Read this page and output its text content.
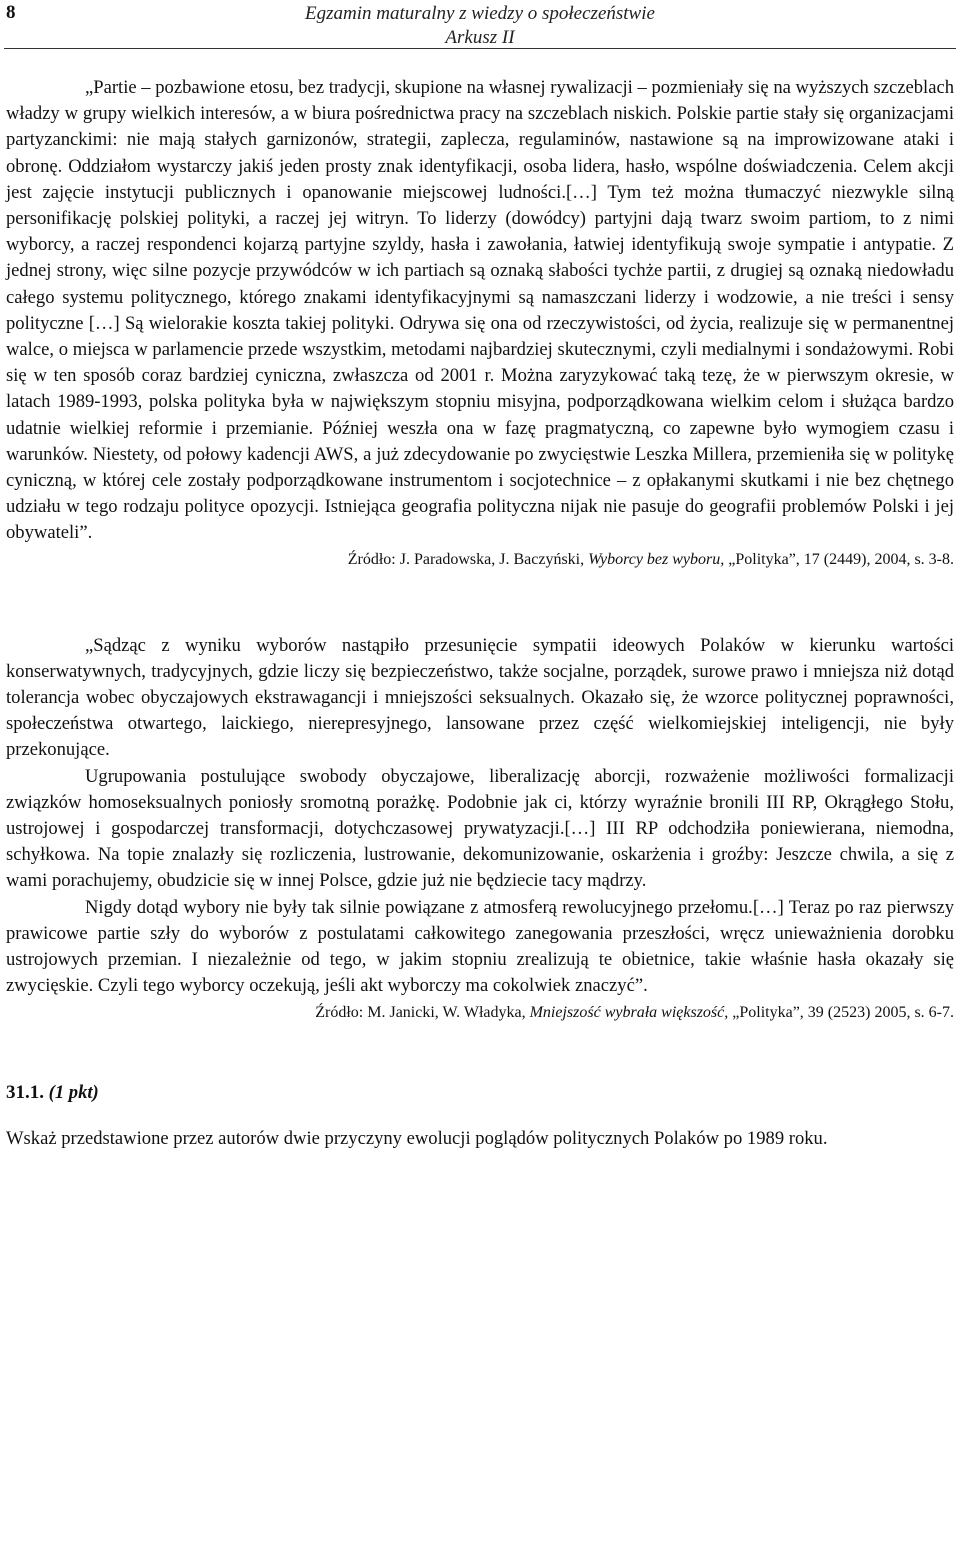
8	Egzamin maturalny z wiedzy o społeczeństwie
Arkusz II

„Partie – pozbawione etosu, bez tradycji, skupione na własnej rywalizacji – pozmieniały się na wyższych szczeblach władzy w grupy wielkich interesów, a w biura pośrednictwa pracy na szczeblach niskich. Polskie partie stały się organizacjami partyzanckimi: nie mają stałych garnizonów, strategii, zaplecza, regulaminów, nastawione są na improwizowane ataki i obronę. Oddziałom wystarczy jakiś jeden prosty znak identyfikacji, osoba lidera, hasło, wspólne doświadczenia. Celem akcji jest zajęcie instytucji publicznych i opanowanie miejscowej ludności.[…] Tym też można tłumaczyć niezwykle silną personifikację polskiej polityki, a raczej jej witryn. To liderzy (dowódcy) partyjni dają twarz swoim partiom, to z nimi wyborcy, a raczej respondenci kojarzą partyjne szyldy, hasła i zawołania, łatwiej identyfikują swoje sympatie i antypatie. Z jednej strony, więc silne pozycje przywódców w ich partiach są oznaką słabości tychże partii, z drugiej są oznaką niedowładu całego systemu politycznego, którego znakami identyfikacyjnymi są namaszczani liderzy i wodzowie, a nie treści i sensy polityczne […] Są wielorakie koszta takiej polityki. Odrywa się ona od rzeczywistości, od życia, realizuje się w permanentnej walce, o miejsca w parlamencie przede wszystkim, metodami najbardziej skutecznymi, czyli medialnymi i sondażowymi. Robi się w ten sposób coraz bardziej cyniczna, zwłaszcza od 2001 r. Można zaryzykować taką tezę, że w pierwszym okresie, w latach 1989-1993, polska polityka była w największym stopniu misyjna, podporządkowana wielkim celom i służąca bardzo udatnie wielkiej reformie i przemianie. Później weszła ona w fazę pragmatyczną, co zapewne było wymogiem czasu i warunków. Niestety, od połowy kadencji AWS, a już zdecydowanie po zwycięstwie Leszka Millera, przemieniła się w politykę cyniczną, w której cele zostały podporządkowane instrumentom i socjotechnice – z opłakanymi skutkami i nie bez chętnego udziału w tego rodzaju polityce opozycji. Istniejąca geografia polityczna nijak nie pasuje do geografii problemów Polski i jej obywateli”.

Źródło: J. Paradowska, J. Baczyński, Wyborcy bez wyboru, „Polityka”, 17 (2449), 2004, s. 3-8.

„Sądząc z wyniku wyborów nastąpiło przesunięcie sympatii ideowych Polaków w kierunku wartości konserwatywnych, tradycyjnych, gdzie liczy się bezpieczeństwo, także socjalne, porządek, surowe prawo i mniejsza niż dotąd tolerancja wobec obyczajowych ekstrawagancji i mniejszości seksualnych. Okazało się, że wzorce politycznej poprawności, społeczeństwa otwartego, laickiego, nierepresyjnego, lansowane przez część wielkomiejskiej inteligencji, nie były przekonujące.

Ugrupowania postulujące swobody obyczajowe, liberalizację aborcji, rozważenie możliwości formalizacji związków homoseksualnych poniosły sromotną porażkę. Podobnie jak ci, którzy wyraźnie bronili III RP, Okrągłego Stołu, ustrojowej i gospodarczej transformacji, dotychczasowej prywatyzacji.[…] III RP odchodziła poniewierana, niemodna, schyłkowa. Na topie znalazły się rozliczenia, lustrowanie, dekomunizowanie, oskarżenia i groźby: Jeszcze chwila, a się z wami porachujemy, obudzicie się w innej Polsce, gdzie już nie będziecie tacy mądrzy.

Nigdy dotąd wybory nie były tak silnie powiązane z atmosferą rewolucyjnego przełomu.[…] Teraz po raz pierwszy prawicowe partie szły do wyborów z postulatami całkowitego zanegowania przeszłości, wręcz unieważnienia dorobku ustrojowych przemian. I niezależnie od tego, w jakim stopniu zrealizują te obietnice, takie właśnie hasła okazały się zwycięskie. Czyli tego wyborcy oczekują, jeśli akt wyborczy ma cokolwiek znaczyć”.

Źródło: M. Janicki, W. Władyka, Mniejszość wybrała większość, „Polityka”, 39 (2523) 2005, s. 6-7.

31.1. (1 pkt)

Wskaż przedstawione przez autorów dwie przyczyny ewolucji poglądów politycznych Polaków po 1989 roku.
